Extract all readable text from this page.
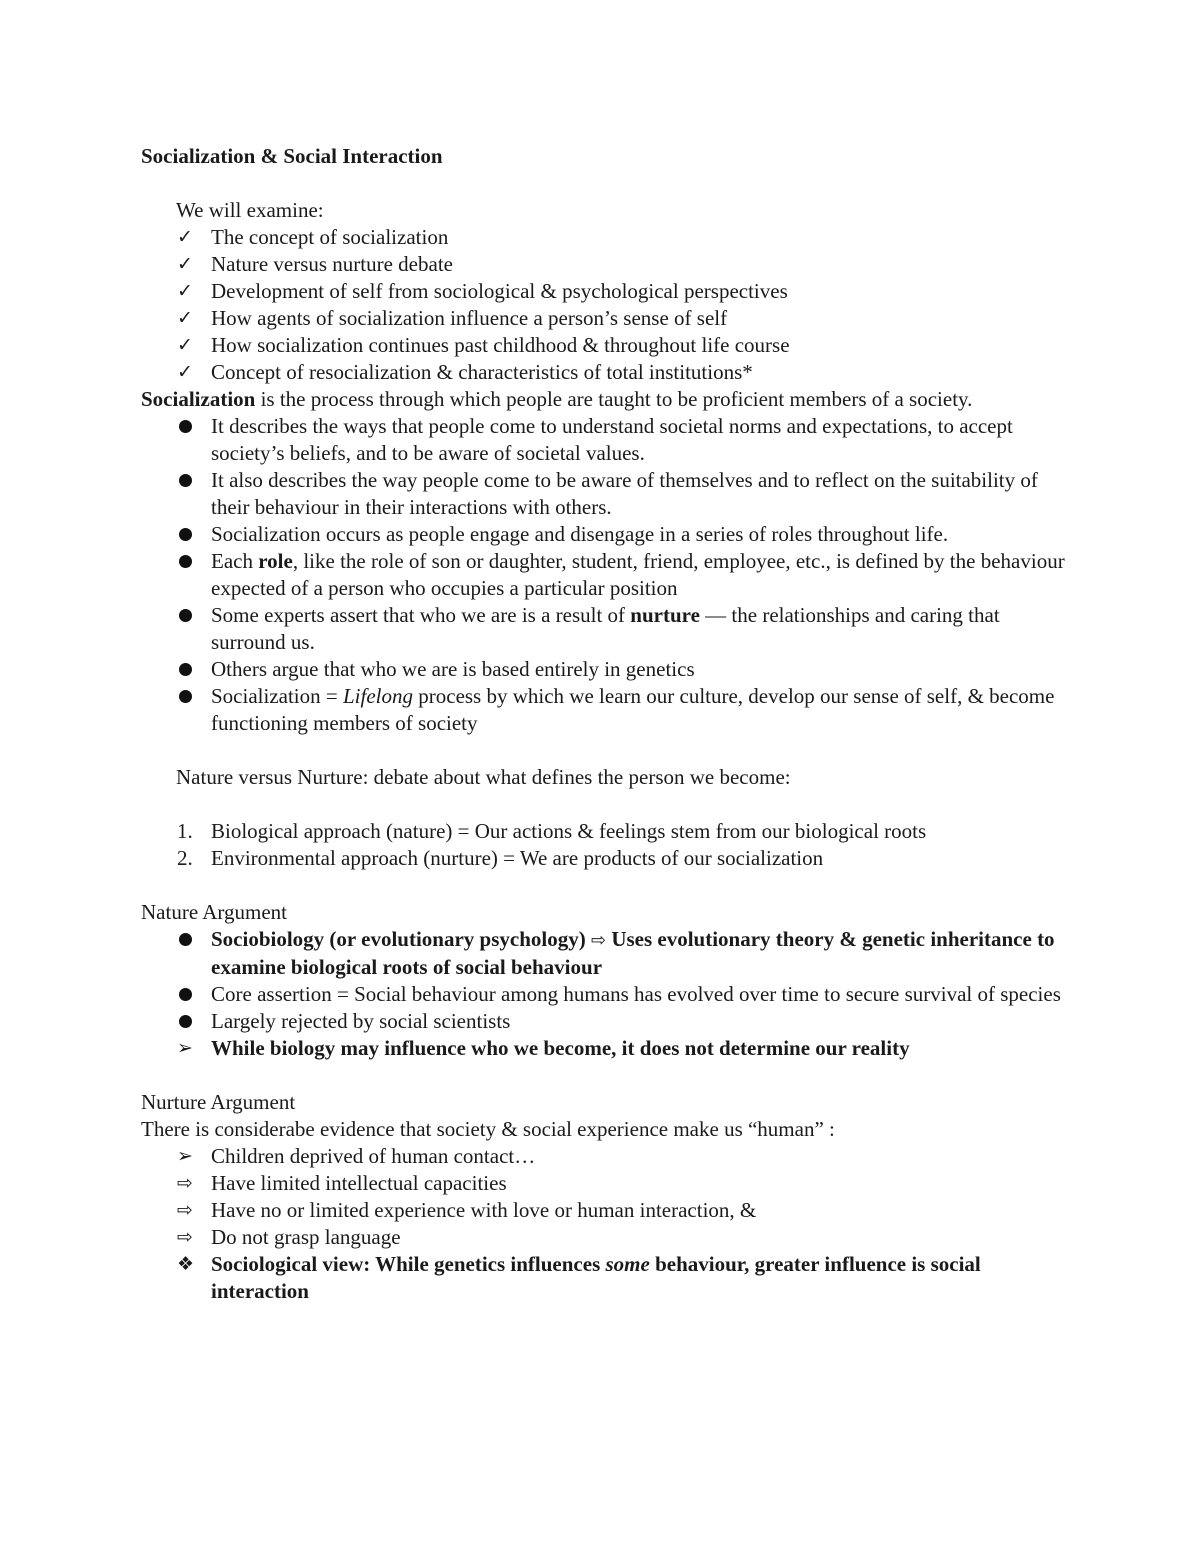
Socialization & Social Interaction
We will examine:
✓ The concept of socialization
✓ Nature versus nurture debate
✓ Development of self from sociological & psychological perspectives
✓ How agents of socialization influence a person’s sense of self
✓ How socialization continues past childhood & throughout life course
✓ Concept of resocialization & characteristics of total institutions*
Socialization is the process through which people are taught to be proficient members of a society.
It describes the ways that people come to understand societal norms and expectations, to accept society’s beliefs, and to be aware of societal values.
It also describes the way people come to be aware of themselves and to reflect on the suitability of their behaviour in their interactions with others.
Socialization occurs as people engage and disengage in a series of roles throughout life.
Each role, like the role of son or daughter, student, friend, employee, etc., is defined by the behaviour expected of a person who occupies a particular position
Some experts assert that who we are is a result of nurture — the relationships and caring that surround us.
Others argue that who we are is based entirely in genetics
Socialization = Lifelong process by which we learn our culture, develop our sense of self, & become functioning members of society
Nature versus Nurture: debate about what defines the person we become:
1. Biological approach (nature) = Our actions & feelings stem from our biological roots
2. Environmental approach (nurture) = We are products of our socialization
Nature Argument
Sociobiology (or evolutionary psychology) ⇨ Uses evolutionary theory & genetic inheritance to examine biological roots of social behaviour
Core assertion = Social behaviour among humans has evolved over time to secure survival of species
Largely rejected by social scientists
➢ While biology may influence who we become, it does not determine our reality
Nurture Argument
There is considerabe evidence that society & social experience make us “human” :
➢ Children deprived of human contact…
⇨ Have limited intellectual capacities
⇨ Have no or limited experience with love or human interaction, &
⇨ Do not grasp language
❖ Sociological view: While genetics influences some behaviour, greater influence is social interaction
